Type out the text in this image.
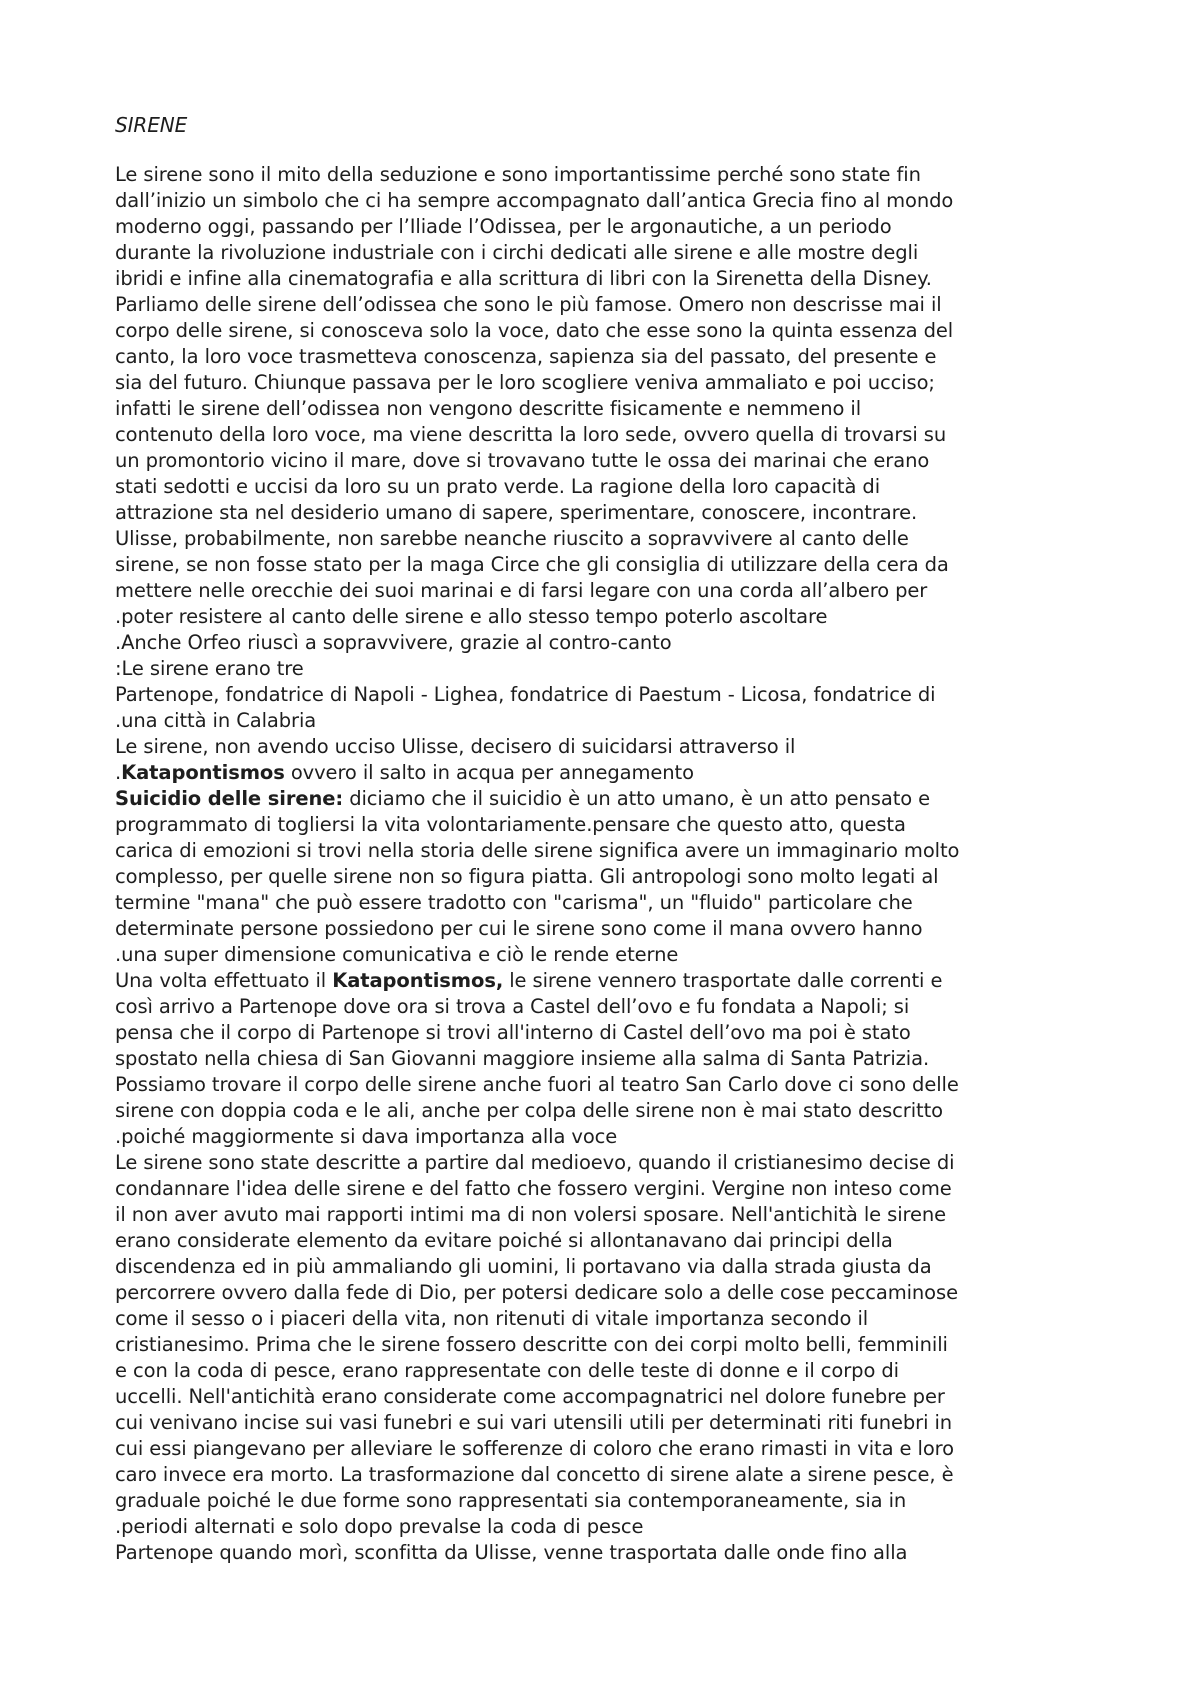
SIRENE
Le sirene sono il mito della seduzione e sono importantissime perché sono state fin
dall’inizio un simbolo che ci ha sempre accompagnato dall’antica Grecia fino al mondo
moderno oggi, passando per l’Iliade l’Odissea, per le argonautiche, a un periodo
durante la rivoluzione industriale con i circhi dedicati alle sirene e alle mostre degli
ibridi e infine alla cinematografia e alla scrittura di libri con la Sirenetta della Disney.
Parliamo delle sirene dell’odissea che sono le più famose. Omero non descrisse mai il
corpo delle sirene, si conosceva solo la voce, dato che esse sono la quinta essenza del
canto, la loro voce trasmetteva conoscenza, sapienza sia del passato, del presente e
sia del futuro. Chiunque passava per le loro scogliere veniva ammaliato e poi ucciso;
infatti le sirene dell’odissea non vengono descritte fisicamente e nemmeno il
contenuto della loro voce, ma viene descritta la loro sede, ovvero quella di trovarsi su
un promontorio vicino il mare, dove si trovavano tutte le ossa dei marinai che erano
stati sedotti e uccisi da loro su un prato verde. La ragione della loro capacità di
attrazione sta nel desiderio umano di sapere, sperimentare, conoscere, incontrare.
Ulisse, probabilmente, non sarebbe neanche riuscito a sopravvivere al canto delle
sirene, se non fosse stato per la maga Circe che gli consiglia di utilizzare della cera da
mettere nelle orecchie dei suoi marinai e di farsi legare con una corda all’albero per
.poter resistere al canto delle sirene e allo stesso tempo poterlo ascoltare
.Anche Orfeo riuscì a sopravvivere, grazie al contro-canto
:Le sirene erano tre
Partenope, fondatrice di Napoli - Lighea, fondatrice di Paestum - Licosa, fondatrice di
.una città in Calabria
Le sirene, non avendo ucciso Ulisse, decisero di suicidarsi attraverso il
.Katapontismos ovvero il salto in acqua per annegamento
Suicidio delle sirene: diciamo che il suicidio è un atto umano, è un atto pensato e
programmato di togliersi la vita volontariamente.pensare che questo atto, questa
carica di emozioni si trovi nella storia delle sirene significa avere un immaginario molto
complesso, per quelle sirene non so figura piatta. Gli antropologi sono molto legati al
termine "mana" che può essere tradotto con "carisma", un "fluido" particolare che
determinate persone possiedono per cui le sirene sono come il mana ovvero hanno
.una super dimensione comunicativa e ciò le rende eterne
Una volta effettuato il Katapontismos, le sirene vennero trasportate dalle correnti e
così arrivo a Partenope dove ora si trova a Castel dell’ovo e fu fondata a Napoli; si
pensa che il corpo di Partenope si trovi all'interno di Castel dell’ovo ma poi è stato
spostato nella chiesa di San Giovanni maggiore insieme alla salma di Santa Patrizia.
Possiamo trovare il corpo delle sirene anche fuori al teatro San Carlo dove ci sono delle
sirene con doppia coda e le ali, anche per colpa delle sirene non è mai stato descritto
.poiché maggiormente si dava importanza alla voce
Le sirene sono state descritte a partire dal medioevo, quando il cristianesimo decise di
condannare l'idea delle sirene e del fatto che fossero vergini. Vergine non inteso come
il non aver avuto mai rapporti intimi ma di non volersi sposare. Nell'antichità le sirene
erano considerate elemento da evitare poiché si allontanavano dai principi della
discendenza ed in più ammaliando gli uomini, li portavano via dalla strada giusta da
percorrere ovvero dalla fede di Dio, per potersi dedicare solo a delle cose peccaminose
come il sesso o i piaceri della vita, non ritenuti di vitale importanza secondo il
cristianesimo. Prima che le sirene fossero descritte con dei corpi molto belli, femminili
e con la coda di pesce, erano rappresentate con delle teste di donne e il corpo di
uccelli. Nell'antichità erano considerate come accompagnatrici nel dolore funebre per
cui venivano incise sui vasi funebri e sui vari utensili utili per determinati riti funebri in
cui essi piangevano per alleviare le sofferenze di coloro che erano rimasti in vita e loro
caro invece era morto. La trasformazione dal concetto di sirene alate a sirene pesce, è
graduale poiché le due forme sono rappresentati sia contemporaneamente, sia in
.periodi alternati e solo dopo prevalse la coda di pesce
Partenope quando morì, sconfitta da Ulisse, venne trasportata dalle onde fino alla
